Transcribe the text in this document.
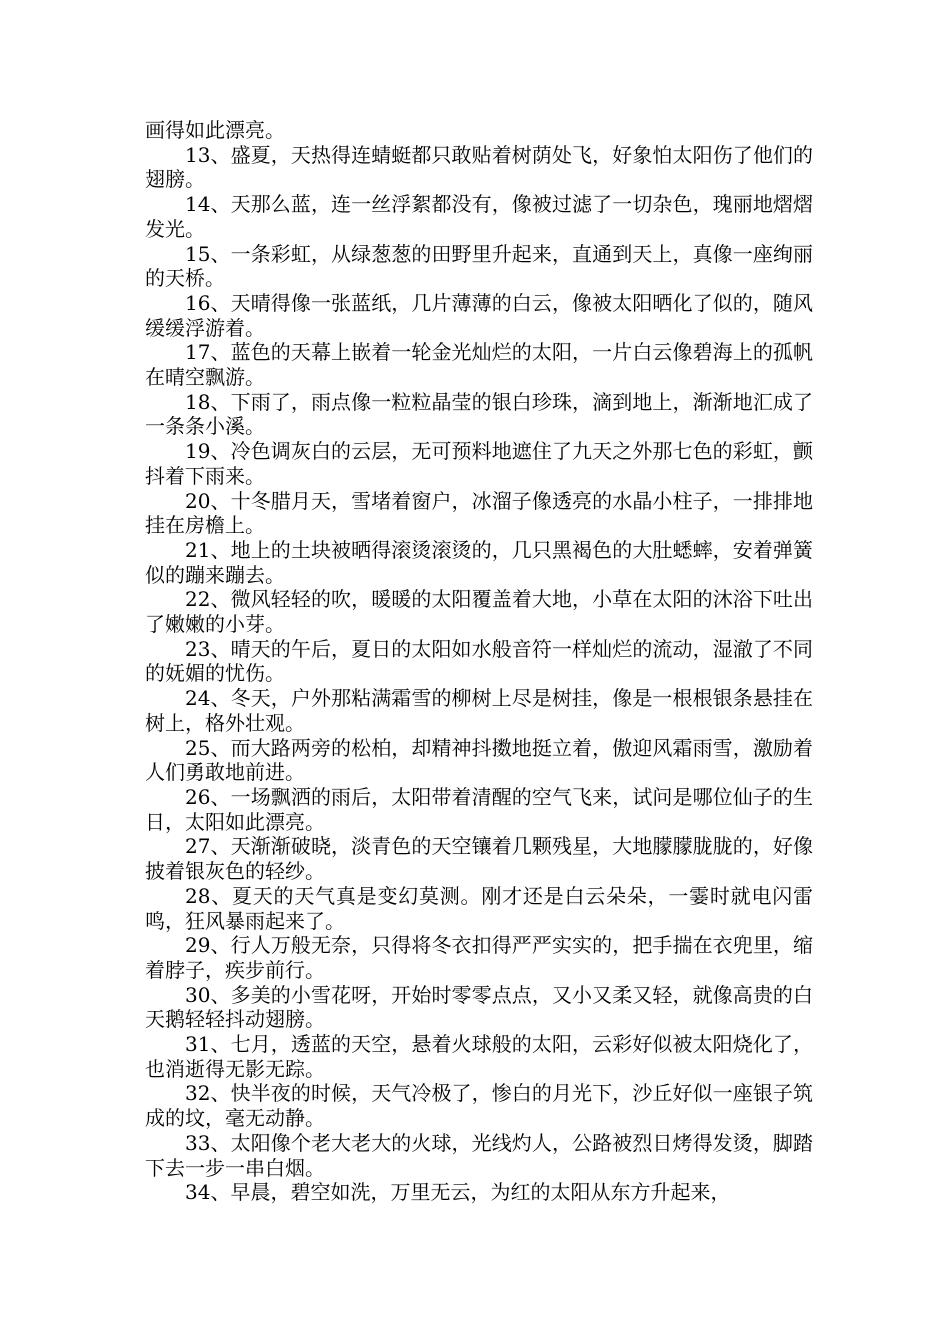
画得如此漂亮。

13、盛夏，天热得连蜻蜓都只敢贴着树荫处飞，好象怕太阳伤了他们的翅膀。

14、天那么蓝，连一丝浮絮都没有，像被过滤了一切杂色，瑰丽地熠熠发光。

15、一条彩虹，从绿葱葱的田野里升起来，直通到天上，真像一座绚丽的天桥。

16、天晴得像一张蓝纸，几片薄薄的白云，像被太阳晒化了似的，随风缓缓浮游着。

17、蓝色的天幕上嵌着一轮金光灿烂的太阳，一片白云像碧海上的孤帆在晴空飘游。

18、下雨了，雨点像一粒粒晶莹的银白珍珠，滴到地上，渐渐地汇成了一条条小溪。

19、冷色调灰白的云层，无可预料地遮住了九天之外那七色的彩虹，颤抖着下雨来。

20、十冬腊月天，雪堵着窗户，冰溜子像透亮的水晶小柱子，一排排地挂在房檐上。

21、地上的土块被晒得滚烫滚烫的，几只黑褐色的大肚蟋蟀，安着弹簧似的蹦来蹦去。

22、微风轻轻的吹，暖暖的太阳覆盖着大地，小草在太阳的沐浴下吐出了嫩嫩的小芽。

23、晴天的午后，夏日的太阳如水般音符一样灿烂的流动，湿澈了不同的妩媚的忧伤。

24、冬天，户外那粘满霜雪的柳树上尽是树挂，像是一根根银条悬挂在树上，格外壮观。

25、而大路两旁的松柏，却精神抖擞地挺立着，傲迎风霜雨雪，激励着人们勇敢地前进。

26、一场飘洒的雨后，太阳带着清醒的空气飞来，试问是哪位仙子的生日，太阳如此漂亮。

27、天渐渐破晓，淡青色的天空镶着几颗残星，大地朦朦胧胧的，好像披着银灰色的轻纱。

28、夏天的天气真是变幻莫测。刚才还是白云朵朵，一霎时就电闪雷鸣，狂风暴雨起来了。

29、行人万般无奈，只得将冬衣扣得严严实实的，把手揣在衣兜里，缩着脖子，疾步前行。

30、多美的小雪花呀，开始时零零点点，又小又柔又轻，就像高贵的白天鹅轻轻抖动翅膀。

31、七月，透蓝的天空，悬着火球般的太阳，云彩好似被太阳烧化了，也消逝得无影无踪。

32、快半夜的时候，天气冷极了，惨白的月光下，沙丘好似一座银子筑成的坟，毫无动静。

33、太阳像个老大老大的火球，光线灼人，公路被烈日烤得发烫，脚踏下去一步一串白烟。

34、早晨，碧空如洗，万里无云，为红的太阳从东方升起来，
